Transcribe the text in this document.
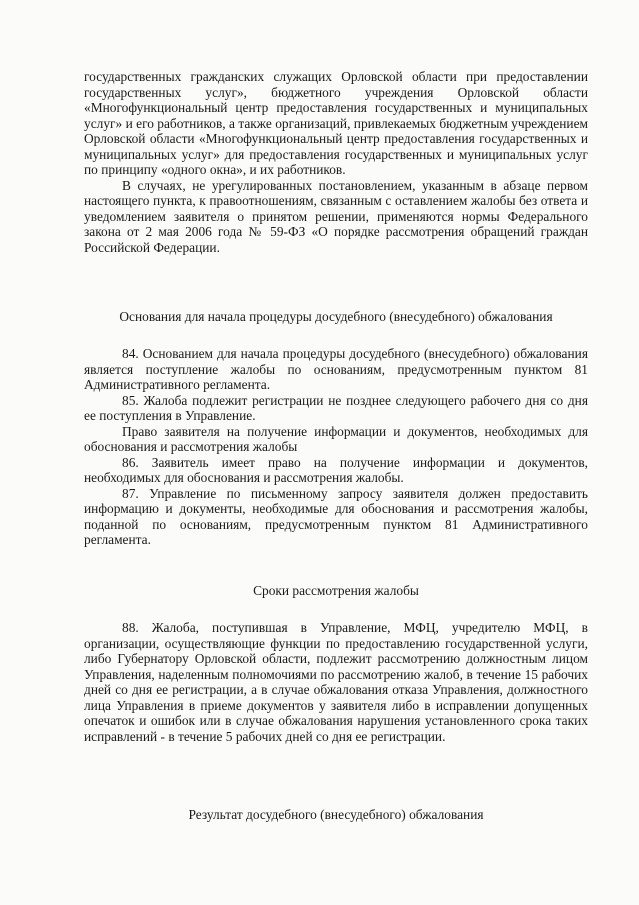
государственных гражданских служащих Орловской области при предоставлении государственных услуг», бюджетного учреждения Орловской области «Многофункциональный центр предоставления государственных и муниципальных услуг» и его работников, а также организаций, привлекаемых бюджетным учреждением Орловской области «Многофункциональный центр предоставления государственных и муниципальных услуг» для предоставления государственных и муниципальных услуг по принципу «одного окна», и их работников.

В случаях, не урегулированных постановлением, указанным в абзаце первом настоящего пункта, к правоотношениям, связанным с оставлением жалобы без ответа и уведомлением заявителя о принятом решении, применяются нормы Федерального закона от 2 мая 2006 года № 59-ФЗ «О порядке рассмотрения обращений граждан Российской Федерации.

Основания для начала процедуры досудебного (внесудебного) обжалования

84. Основанием для начала процедуры досудебного (внесудебного) обжалования является поступление жалобы по основаниям, предусмотренным пунктом 81 Административного регламента.

85. Жалоба подлежит регистрации не позднее следующего рабочего дня со дня ее поступления в Управление.

Право заявителя на получение информации и документов, необходимых для обоснования и рассмотрения жалобы

86. Заявитель имеет право на получение информации и документов, необходимых для обоснования и рассмотрения жалобы.

87. Управление по письменному запросу заявителя должен предоставить информацию и документы, необходимые для обоснования и рассмотрения жалобы, поданной по основаниям, предусмотренным пунктом 81 Административного регламента.

Сроки рассмотрения жалобы

88. Жалоба, поступившая в Управление, МФЦ, учредителю МФЦ, в организации, осуществляющие функции по предоставлению государственной услуги, либо Губернатору Орловской области, подлежит рассмотрению должностным лицом Управления, наделенным полномочиями по рассмотрению жалоб, в течение 15 рабочих дней со дня ее регистрации, а в случае обжалования отказа Управления, должностного лица Управления в приеме документов у заявителя либо в исправлении допущенных опечаток и ошибок или в случае обжалования нарушения установленного срока таких исправлений - в течение 5 рабочих дней со дня ее регистрации.

Результат досудебного (внесудебного) обжалования
